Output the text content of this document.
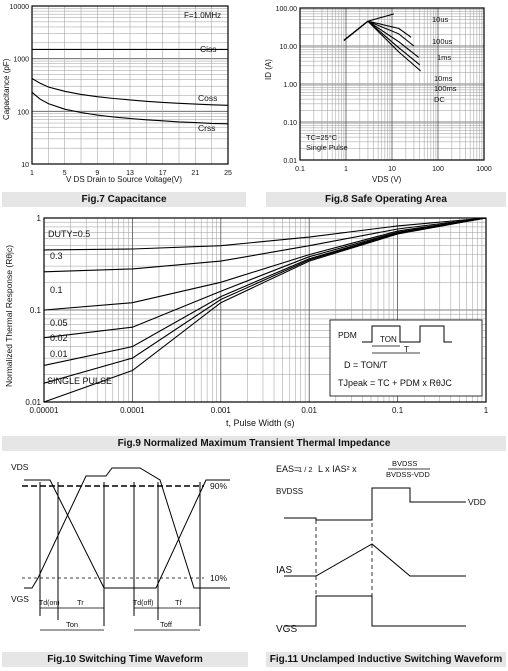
10000
1000
100
10
1	5	9	13	17	21	25
Capacitance (pF)
V DS Drain to Source Voltage(V)
F=1.0MHz
Ciss
Coss
Crss
Fig.7 Capacitance
100.00
10.00
1.00
0.10
0.01
0.1	1	10	100	1000
ID (A)
VDS (V)
10us
100us
1ms
10ms
100ms
DC
TC=25°C
Single Pulse
Fig.8 Safe Operating Area
1
0.1
0.01
0.00001	0.0001	0.001	0.01	0.1	1
Normalized Thermal Response (Rθjc)
t, Pulse Width (s)
DUTY=0.5
0.3
0.1
0.05
0.02
0.01
SINGLE PULSE
PDM	TON
T
D = TON/T
TJpeak = TC + PDM x RθJC
Fig.9 Normalized Maximum Transient Thermal Impedance
VDS
VGS
90%
10%
Td(on) Tr	Td(off)	Tf
Ton	Toff
Fig.10 Switching Time Waveform
EAS=
1 / 2 L x IAS² x
BVDSS
BVDSS-VDD
BVDSS
VDD
IAS
VGS
Fig.11 Unclamped Inductive Switching Waveform
